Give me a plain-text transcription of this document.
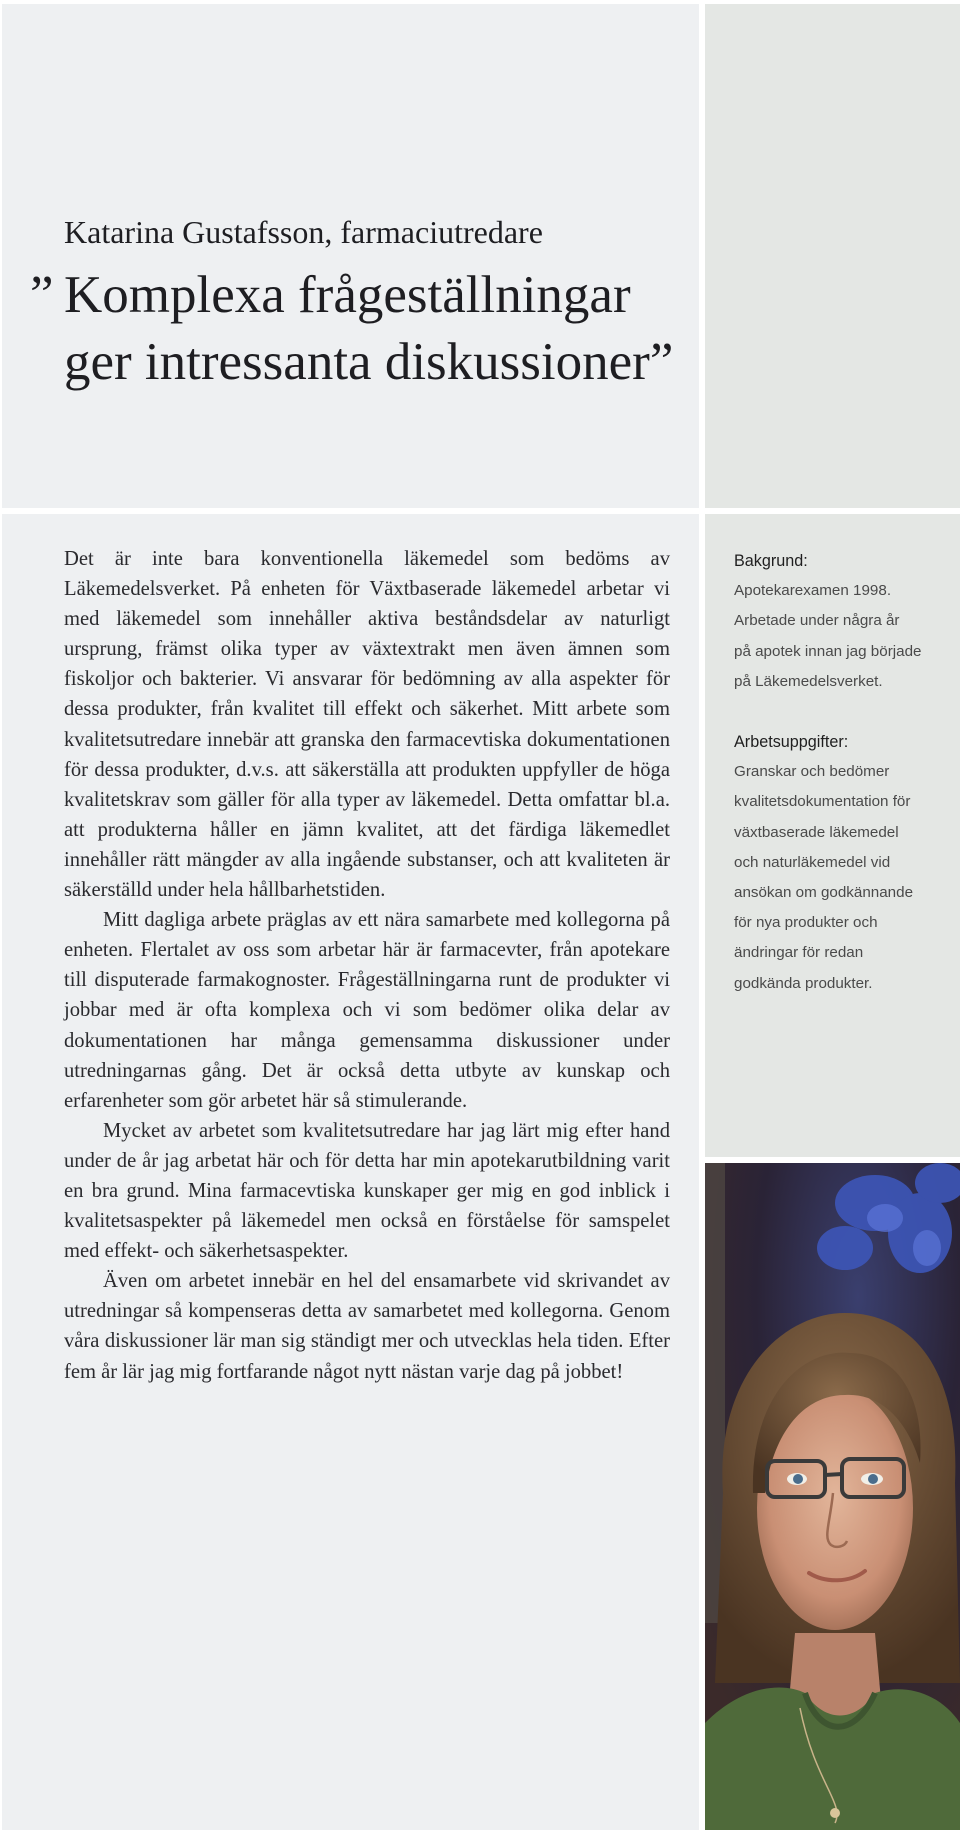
Katarina Gustafsson, farmaciutredare
” Komplexa frågeställningar ger intressanta diskussioner”

Det är inte bara konventionella läkemedel som bedöms av Läkemedelsverket. På enheten för Växtbaserade läkemedel arbetar vi med läkemedel som innehåller aktiva beståndsdelar av naturligt ursprung, främst olika typer av växtextrakt men även ämnen som fiskoljor och bakterier. Vi ansvarar för bedömning av alla aspekter för dessa produkter, från kvalitet till effekt och säkerhet. Mitt arbete som kvalitetsutredare innebär att granska den farmacevtiska dokumentationen för dessa produkter, d.v.s. att säkerställa att produkten uppfyller de höga kvalitetskrav som gäller för alla typer av läkemedel. Detta omfattar bl.a. att produkterna håller en jämn kvalitet, att det färdiga läkemedlet innehåller rätt mängder av alla ingående substanser, och att kvaliteten är säkerställd under hela hållbarhetstiden.

Mitt dagliga arbete präglas av ett nära samarbete med kollegorna på enheten. Flertalet av oss som arbetar här är farmacevter, från apotekare till disputerade farmakognoster. Frågeställningarna runt de produkter vi jobbar med är ofta komplexa och vi som bedömer olika delar av dokumentationen har många gemensamma diskussioner under utredningarnas gång. Det är också detta utbyte av kunskap och erfarenheter som gör arbetet här så stimulerande.

Mycket av arbetet som kvalitetsutredare har jag lärt mig efter hand under de år jag arbetat här och för detta har min apotekarutbildning varit en bra grund. Mina farmacevtiska kunskaper ger mig en god inblick i kvalitetsaspekter på läkemedel men också en förståelse för samspelet med effekt- och säkerhetsaspekter.

Även om arbetet innebär en hel del ensamarbete vid skrivandet av utredningar så kompenseras detta av samarbetet med kollegorna. Genom våra diskussioner lär man sig ständigt mer och utvecklas hela tiden. Efter fem år lär jag mig fortfarande något nytt nästan varje dag på jobbet!

Bakgrund:
Apotekarexamen 1998.
Arbetade under några år
på apotek innan jag började
på Läkemedelsverket.
Arbetsuppgifter:
Granskar och bedömer
kvalitetsdokumentation för
växtbaserade läkemedel
och naturläkemedel vid
ansökan om godkännande
för nya produkter och
ändringar för redan
godkända produkter.
